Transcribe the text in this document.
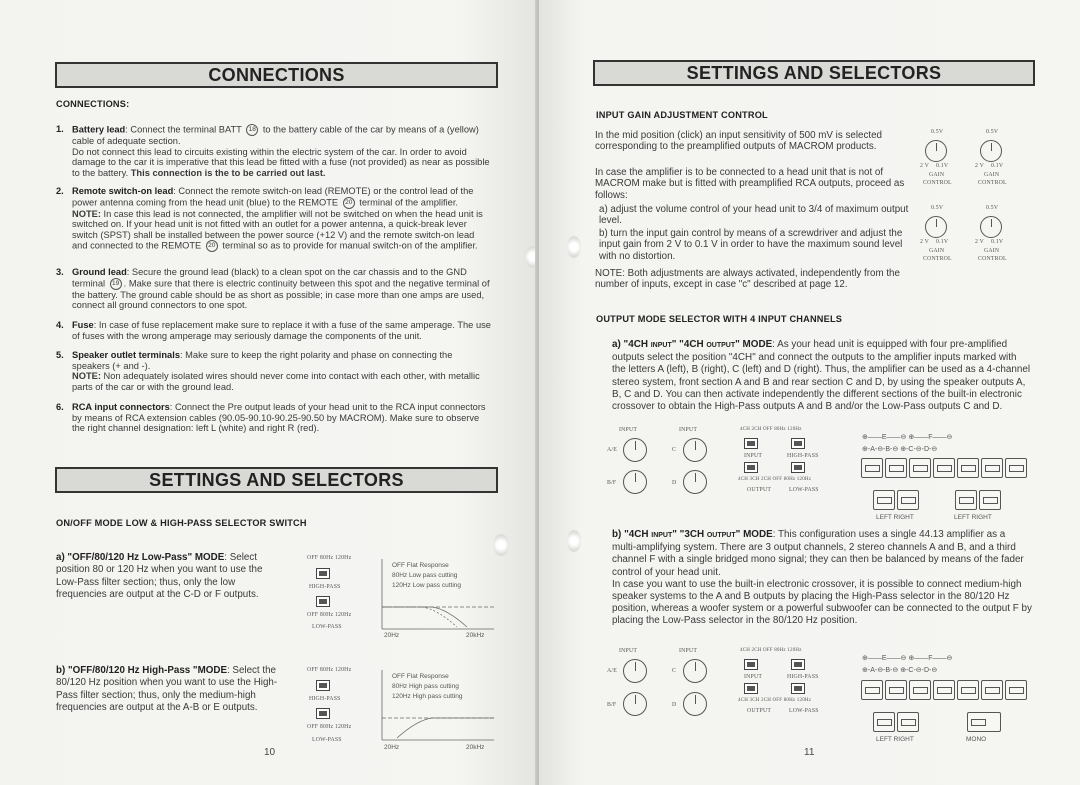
CONNECTIONS
CONNECTIONS:
1. Battery lead: Connect the terminal BATT 18 to the battery cable of the car by means of a (yellow) cable of adequate section.
Do not connect this lead to circuits existing within the electric system of the car. In order to avoid damage to the car it is imperative that this lead be fitted with a fuse (not provided) as near as possible to the battery. This connection is the to be carried out last.
2. Remote switch-on lead: Connect the remote switch-on lead (REMOTE) or the control lead of the power antenna coming from the head unit (blue) to the REMOTE 20 terminal of the amplifier.
NOTE: In case this lead is not connected, the amplifier will not be switched on when the head unit is switched on. If your head unit is not fitted with an outlet for a power antenna, a quick-break lever switch (SPST) shall be installed between the power source (+12 V) and the remote switch-on lead and connected to the REMOTE 20 terminal so as to provide for manual switch-on of the amplifier.
3. Ground lead: Secure the ground lead (black) to a clean spot on the car chassis and to the GND terminal 19 . Make sure that there is electric continuity between this spot and the negative terminal of the battery. The ground cable should be as short as possible; in case more than one amps are used, connect all ground connectors to one spot.
4. Fuse: In case of fuse replacement make sure to replace it with a fuse of the same amperage. The use of fuses with the wrong amperage may seriously damage the components of the unit.
5. Speaker outlet terminals: Make sure to keep the right polarity and phase on connecting the speakers (+ and -).
NOTE: Non adequately isolated wires should never come into contact with each other, with metallic parts of the car or with the ground lead.
6. RCA input connectors: Connect the Pre output leads of your head unit to the RCA input connectors by means of RCA extension cables (90.05-90.10-90.25-90.50 by MACROM). Make sure to observe the right channel designation: left L (white) and right R (red).
SETTINGS AND SELECTORS
ON/OFF MODE LOW & HIGH-PASS SELECTOR SWITCH
a) "OFF/80/120 Hz Low-Pass" MODE: Select position 80 or 120 Hz when you want to use the Low-Pass filter section; thus, only the low frequencies are output at the C-D or F outputs.
OFF 80Hz 120Hz
HIGH-PASS
OFF 80Hz 120Hz
LOW-PASS
OFF Flat Response
80Hz Low pass cutting
120Hz Low pass cutting
20Hz	20kHz
b) "OFF/80/120 Hz High-Pass "MODE: Select the 80/120 Hz position when you want to use the High-Pass filter section; thus, only the medium-high frequencies are output at the A-B or E outputs.
OFF 80Hz 120Hz
HIGH-PASS
OFF 80Hz 120Hz
LOW-PASS
OFF Flat Response
80Hz High pass cutting
120Hz High pass cutting
20Hz	20kHz
10
SETTINGS AND SELECTORS
INPUT GAIN ADJUSTMENT CONTROL
In the mid position (click) an input sensitivity of 500 mV is selected corresponding to the preamplified outputs of MACROM products.
In case the amplifier is to be connected to a head unit that is not of MACROM make but is fitted with preamplified RCA outputs, proceed as follows:
a) adjust the volume control of your head unit to 3/4 of maximum output level.
b) turn the input gain control by means of a screwdriver and adjust the input gain from 2 V to 0.1 V in order to have the maximum sound level with no distortion.
NOTE: Both adjustments are always activated, independently from the number of inputs, except in case "c" described at page 12.
0.5V
2 V 0.1V
GAIN
CONTROL
0.5V
2 V 0.1V
GAIN
CONTROL
0.5V
2 V 0.1V
GAIN
CONTROL
0.5V
2 V 0.1V
GAIN
CONTROL
OUTPUT MODE SELECTOR WITH 4 INPUT CHANNELS
a) "4CH INPUT" "4CH OUTPUT" MODE: As your head unit is equipped with four pre-amplified outputs select the position "4CH" and connect the outputs to the amplifier inputs marked with the letters A (left), B (right), C (left) and D (right). Thus, the amplifier can be used as a 4-channel stereo system, front section A and B and rear section C and D, by using the speaker outputs A, B, C and D. You can then activate independently the different sections of the built-in electronic crossover to obtain the High-Pass outputs A and B and/or the Low-Pass outputs C and D.
INPUT	INPUT
A/E
B/F
C
D
4CH 2CH OFF 80Hz 120Hz
INPUT	HIGH-PASS
4CH 3CH 2CH OFF 80Hz 120Hz
OUTPUT	LOW-PASS
⊕——E——⊖ ⊕——F——⊖
⊕-A-⊖-B-⊖ ⊕-C-⊖-D-⊖
LEFT RIGHT	LEFT RIGHT
b) "4CH INPUT" "3CH OUTPUT" MODE: This configuration uses a single 44.13 amplifier as a multi-amplifying system. There are 3 output channels, 2 stereo channels A and B, and a third channel F with a single bridged mono signal; they can then be balanced by means of the fader control of your head unit.
In case you want to use the built-in electronic crossover, it is possible to connect medium-high speaker systems to the A and B outputs by placing the High-Pass selector in the 80/120 Hz position, whereas a woofer system or a powerful subwoofer can be connected to the output F by placing the Low-Pass selector in the 80/120 Hz position.
INPUT	INPUT
A/E
B/F
C
D
4CH 2CH OFF 80Hz 120Hz
INPUT	HIGH-PASS
4CH 3CH 2CH OFF 80Hz 120Hz
OUTPUT	LOW-PASS
⊕——E——⊖ ⊕——F——⊖
⊕-A-⊖-B-⊖ ⊕-C-⊖-D-⊖
LEFT RIGHT	MONO
11
